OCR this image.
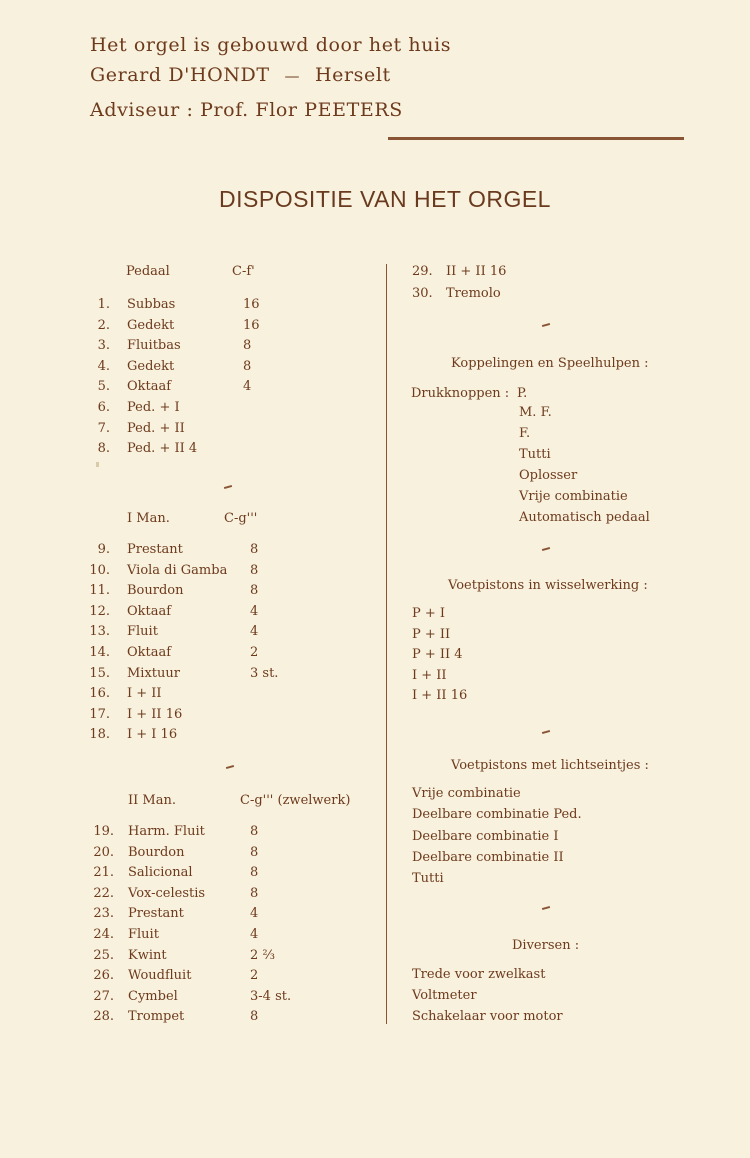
Het orgel is gebouwd door het huis
Gerard D'HONDT — Herselt
Adviseur : Prof. Flor PEETERS
DISPOSITIE VAN HET ORGEL
Pedaal	C-f'
1. Subbas	16
2. Gedekt	16
3. Fluitbas	8
4. Gedekt	8
5. Oktaaf	4
6. Ped. + I
7. Ped. + II
8. Ped. + II 4
I Man.	C-g'''
9. Prestant	8
10. Viola di Gamba 8
11. Bourdon	8
12. Oktaaf	4
13. Fluit	4
14. Oktaaf	2
15. Mixtuur	3 st.
16. I + II
17. I + II 16
18. I + I 16
II Man.	C-g''' (zwelwerk)
19. Harm. Fluit	8
20. Bourdon	8
21. Salicional	8
22. Vox-celestis	8
23. Prestant	4
24. Fluit	4
25. Kwint	2 ⅔
26. Woudfluit	2
27. Cymbel	3-4 st.
28. Trompet	8
29. II + II 16
30. Tremolo
Koppelingen en Speelhulpen :
Drukknoppen : P.
M. F.
F.
Tutti
Oplosser
Vrije combinatie
Automatisch pedaal
Voetpistons in wisselwerking :
P + I
P + II
P + II 4
I + II
I + II 16
Voetpistons met lichtseintjes :
Vrije combinatie
Deelbare combinatie Ped.
Deelbare combinatie I
Deelbare combinatie II
Tutti
Diversen :
Trede voor zwelkast
Voltmeter
Schakelaar voor motor
